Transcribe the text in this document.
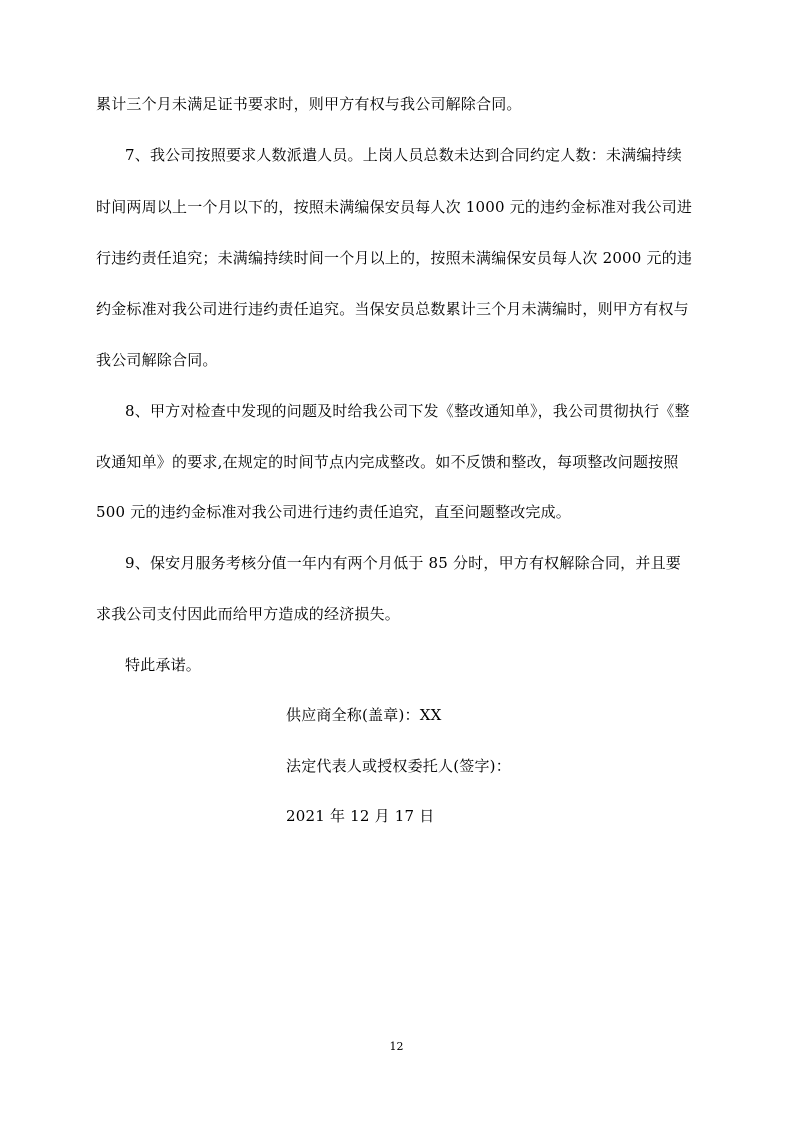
累计三个月未满足证书要求时，则甲方有权与我公司解除合同。
7、我公司按照要求人数派遣人员。上岗人员总数未达到合同约定人数：未满编持续
时间两周以上一个月以下的，按照未满编保安员每人次 1000 元的违约金标准对我公司进
行违约责任追究；未满编持续时间一个月以上的，按照未满编保安员每人次 2000 元的违
约金标准对我公司进行违约责任追究。当保安员总数累计三个月未满编时，则甲方有权与
我公司解除合同。
8、甲方对检查中发现的问题及时给我公司下发《整改通知单》，我公司贯彻执行《整
改通知单》的要求,在规定的时间节点内完成整改。如不反馈和整改，每项整改问题按照
500 元的违约金标准对我公司进行违约责任追究，直至问题整改完成。
9、保安月服务考核分值一年内有两个月低于 85 分时，甲方有权解除合同，并且要
求我公司支付因此而给甲方造成的经济损失。
特此承诺。
供应商全称(盖章)：XX
法定代表人或授权委托人(签字)：
2021 年 12 月 17 日
12
